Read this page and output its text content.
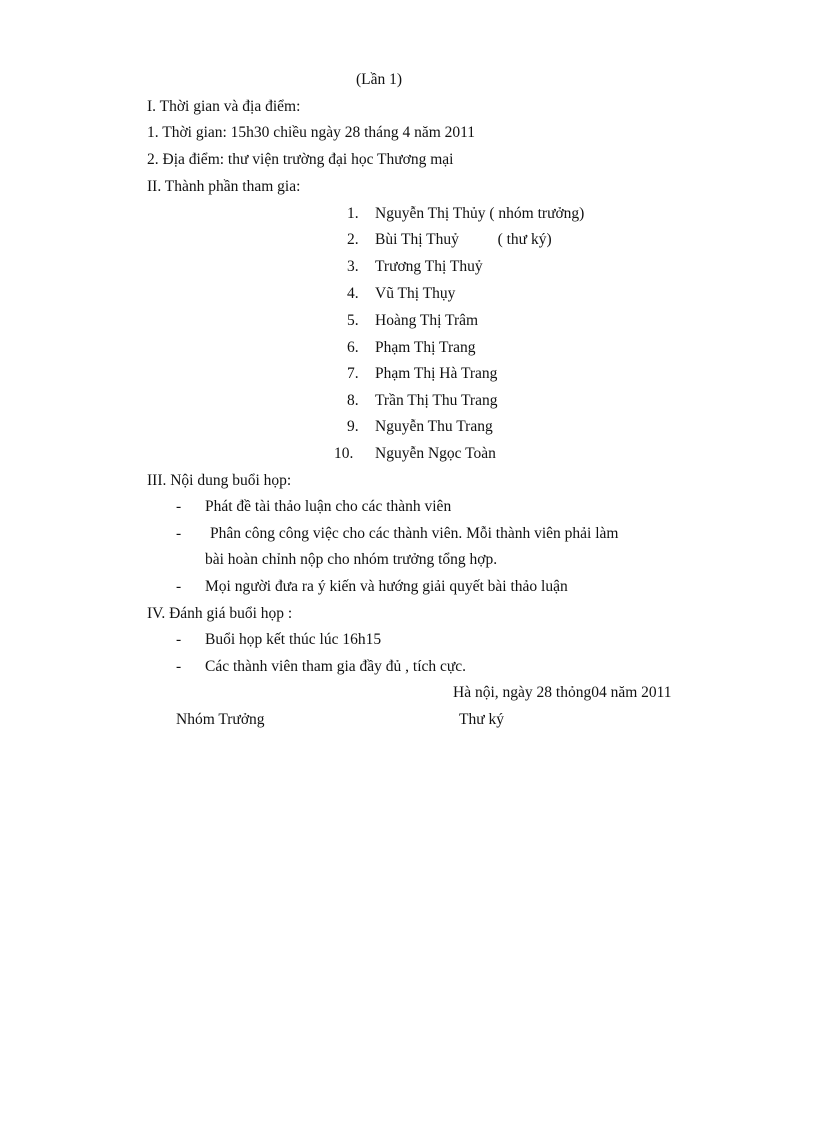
(Lần 1)
I. Thời gian và địa điểm:
1. Thời gian: 15h30 chiều ngày 28 tháng 4 năm 2011
2. Địa điểm: thư viện trường đại học Thương mại
II. Thành phần tham gia:
1. Nguyễn Thị Thủy ( nhóm trưởng)
2. Bùi Thị Thuỷ          ( thư ký)
3. Trương Thị Thuỷ
4. Vũ Thị Thụy
5. Hoàng Thị Trâm
6. Phạm Thị Trang
7. Phạm Thị Hà Trang
8. Trần Thị Thu Trang
9. Nguyễn Thu Trang
10. Nguyễn Ngọc Toàn
III. Nội dung buổi họp:
- Phát đề tài thảo luận cho các thành viên
- Phân công công việc cho các thành viên. Mỗi thành viên phải làm
bài hoàn chỉnh nộp cho nhóm trưởng tổng hợp.
- Mọi người đưa ra ý kiến và hướng giải quyết bài thảo luận
IV. Đánh giá buổi họp :
- Buổi họp kết thúc lúc 16h15
- Các thành viên tham gia đầy đủ , tích cực.
Hà nội, ngày 28 thỏng04 năm 2011
Nhóm Trưởng	Thư ký
